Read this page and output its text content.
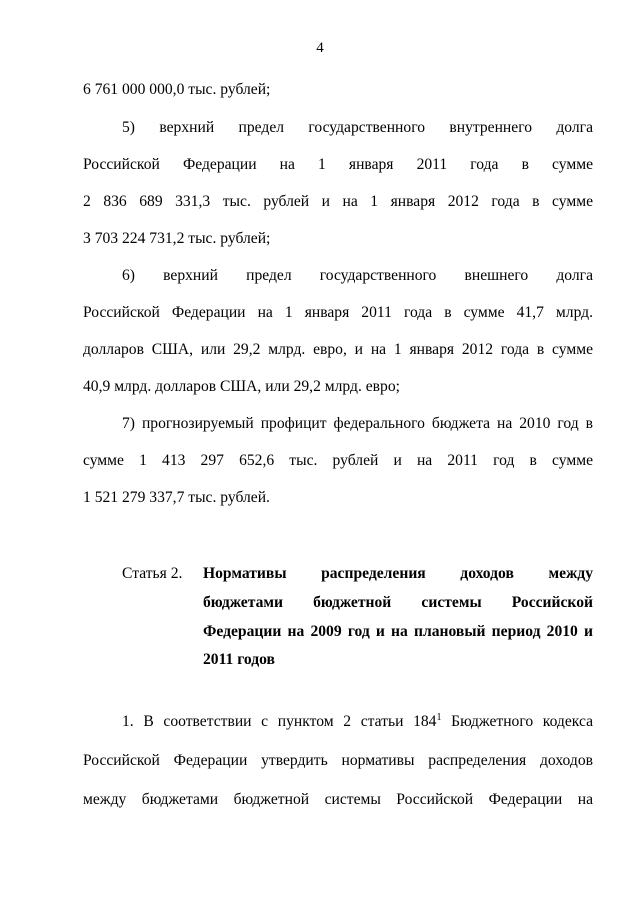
4
6 761 000 000,0 тыс. рублей;
5) верхний предел государственного внутреннего долга
Российской Федерации на 1 января 2011 года в сумме
2 836 689 331,3 тыс. рублей и на 1 января 2012 года в сумме
3 703 224 731,2 тыс. рублей;
6) верхний предел государственного внешнего долга
Российской Федерации на 1 января 2011 года в сумме 41,7 млрд.
долларов США, или 29,2 млрд. евро, и на 1 января 2012 года в сумме
40,9 млрд. долларов США, или 29,2 млрд. евро;
7) прогнозируемый профицит федерального бюджета на 2010 год в
сумме 1 413 297 652,6 тыс. рублей и на 2011 год в сумме
1 521 279 337,7 тыс. рублей.
Статья 2. Нормативы распределения доходов между
бюджетами бюджетной системы Российской
Федерации на 2009 год и на плановый период 2010 и
2011 годов
1. В соответствии с пунктом 2 статьи $184^1$ Бюджетного кодекса
Российской Федерации утвердить нормативы распределения доходов
между бюджетами бюджетной системы Российской Федерации на
